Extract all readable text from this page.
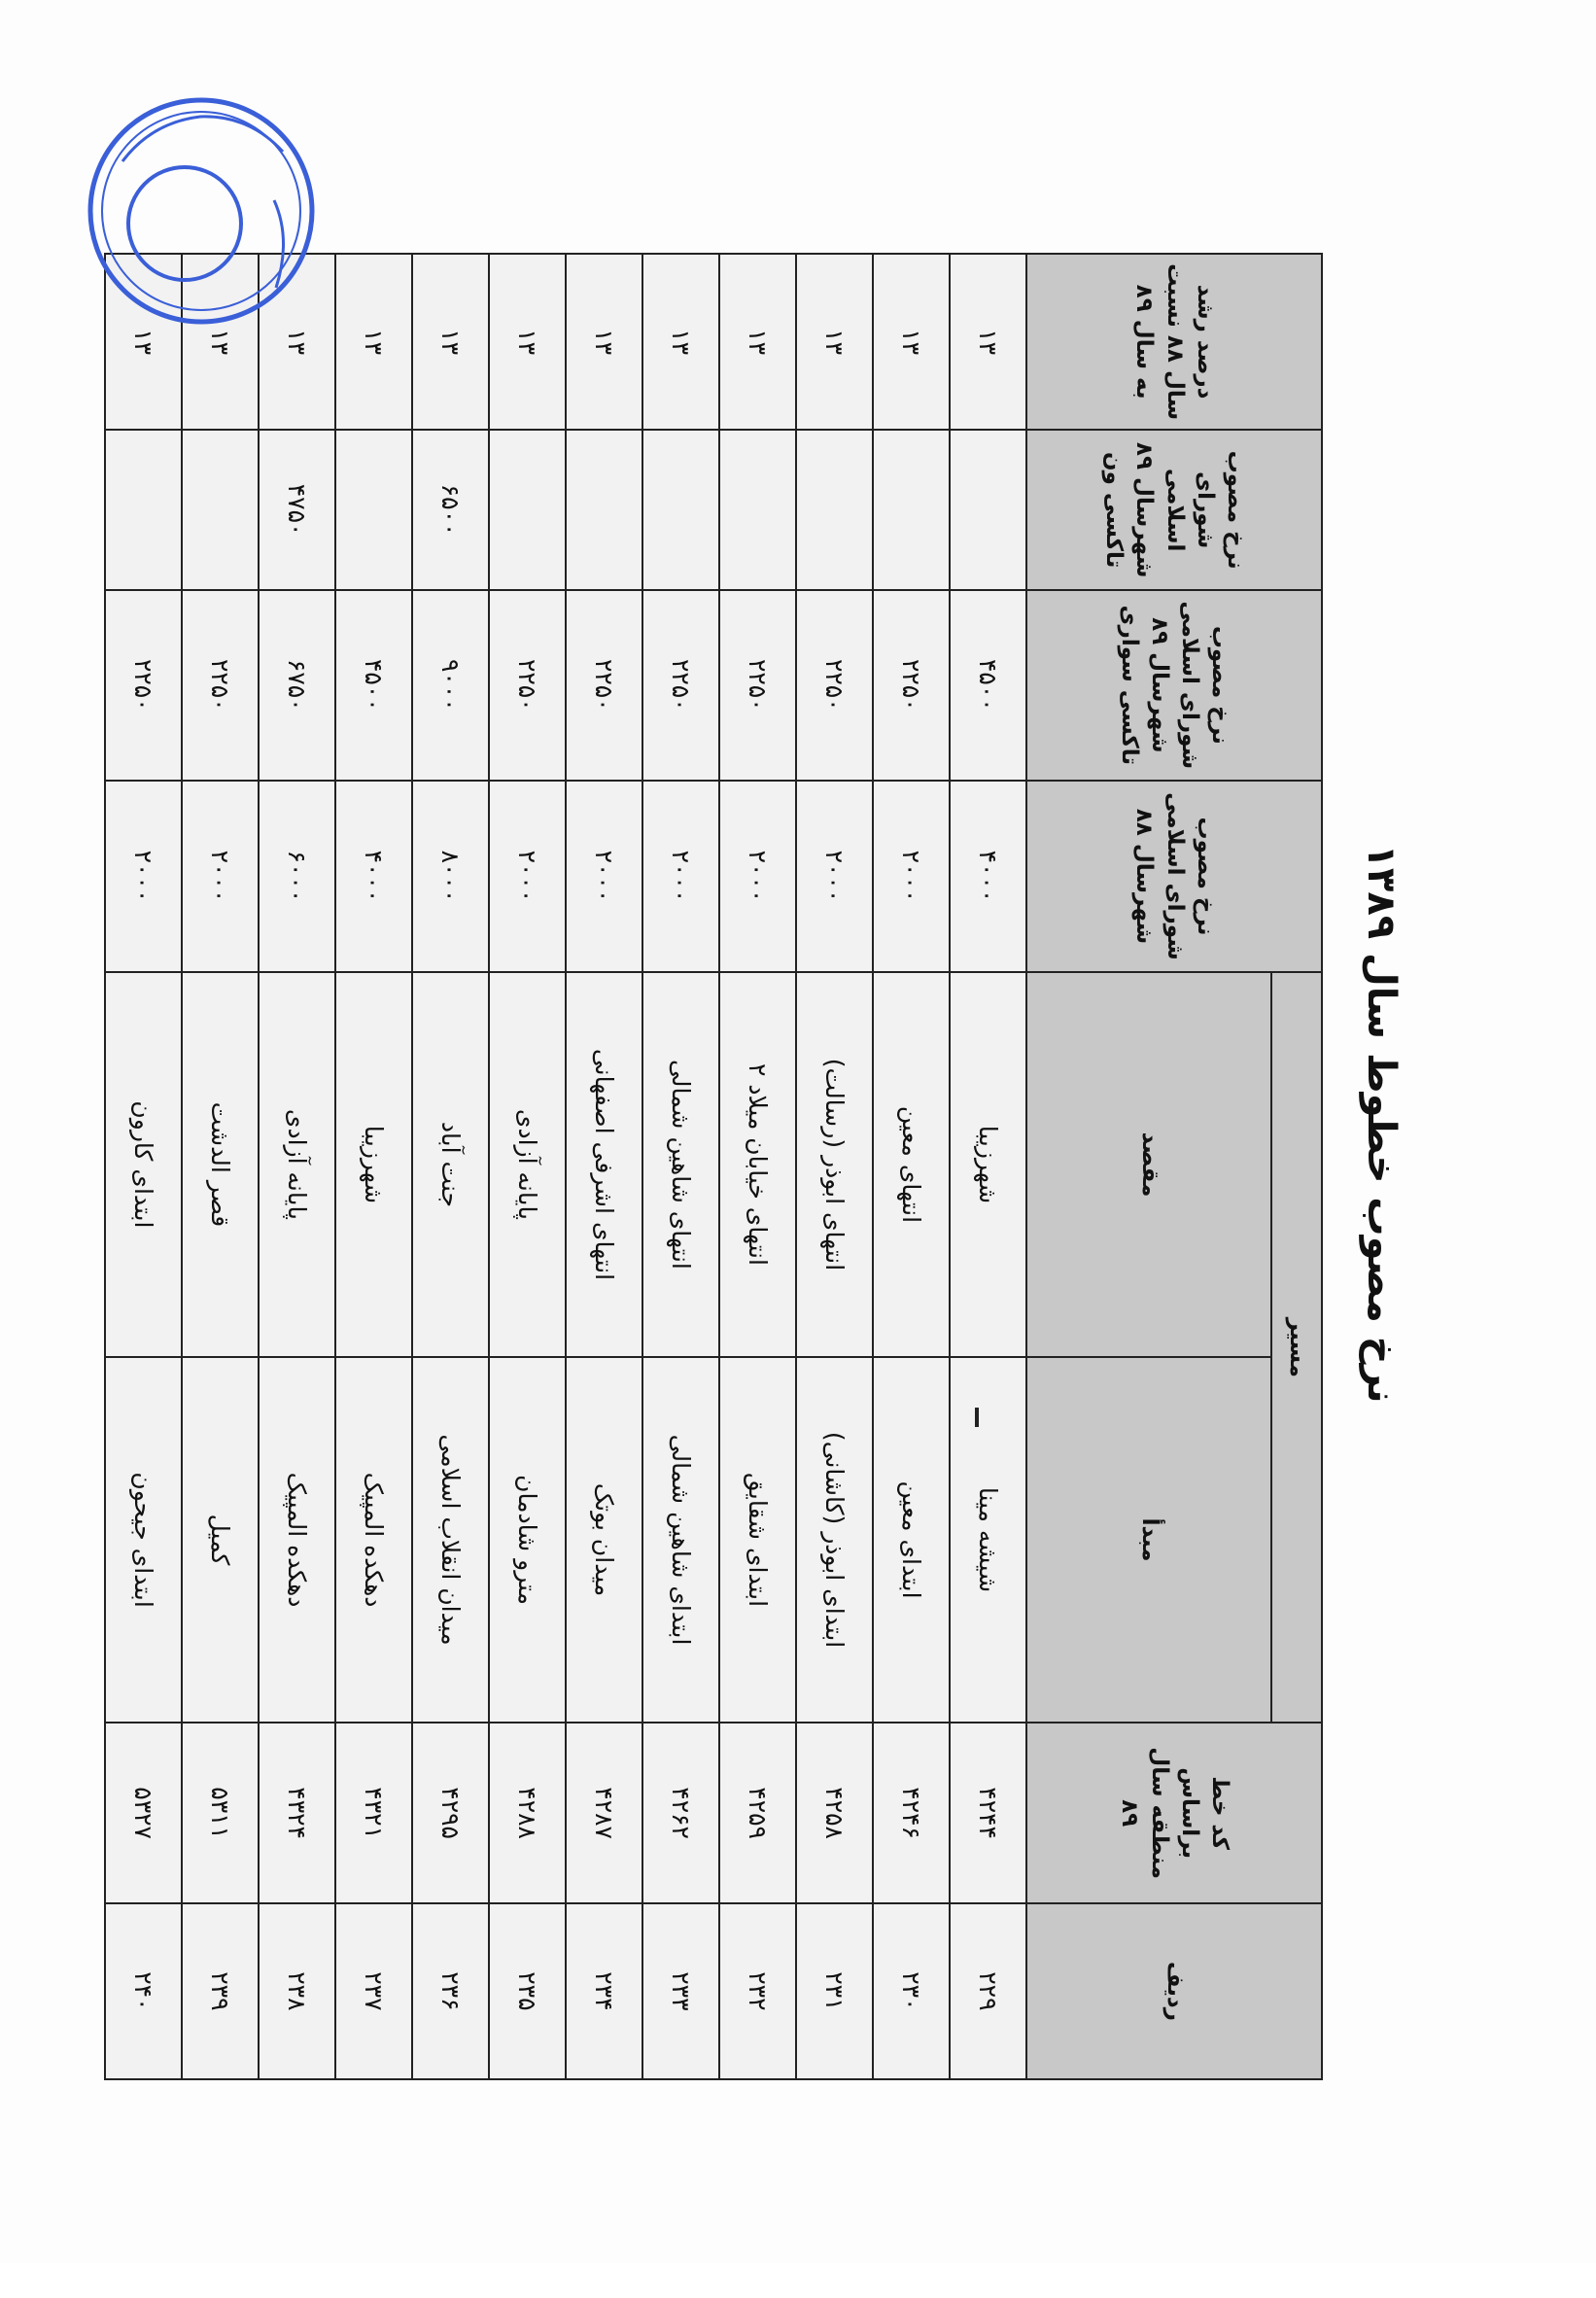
نرخ مصوب خطوط سال ۱۳۸۹
ردیف	کد خط براساس منطقه سال ۸۹	مسیر		نرخ مصوب شورای اسلامی شهرسال ۸۸	نرخ مصوب شورای اسلامی شهرسال ۸۹ تاکسی سواری	نرخ مصوب شورای اسلامی شهرسال ۸۹ تاکسی ون	درصد رشد سال ۸۸ نسبت به سال ۸۹
		مبدأ	مقصد				
۲۲۹	۴۲۴۴	شیشه مینا	شهرزیبا	۴۰۰۰	۴۵۰۰		۱۳
۲۳۰	۴۲۴۶	ابتدای معین	انتهای معین	۲۰۰۰	۲۲۵۰		۱۳
۲۳۱	۴۲۵۸	ابتدای ابوذر (کاشانی)	انتهای ابوذر (رسالت)	۲۰۰۰	۲۲۵۰		۱۳
۲۳۲	۴۲۵۹	ابتدای شقایق	انتهای خیابان میلاد ۲	۲۰۰۰	۲۲۵۰		۱۳
۲۳۳	۴۲۶۲	ابتدای شاهین شمالی	انتهای شاهین شمالی	۲۰۰۰	۲۲۵۰		۱۳
۲۳۴	۴۲۸۷	میدان بوتک	انتهای اشرفی اصفهانی	۲۰۰۰	۲۲۵۰		۱۳
۲۳۵	۴۲۸۸	مترو شادمان	پایانه آزادی	۲۰۰۰	۲۲۵۰		۱۳
۲۳۶	۴۲۹۵	میدان انقلاب اسلامی	جنت آباد	۸۰۰۰	۹۰۰۰	۶۵۰۰	۱۳
۲۳۷	۴۳۲۱	دهکده المپیک	شهرزیبا	۴۰۰۰	۴۵۰۰		۱۳
۲۳۸	۴۳۲۴	دهکده المپیک	پایانه آزادی	۶۰۰۰	۶۷۵۰	۴۷۵۰	۱۳
۲۳۹	۵۳۱۱	کمیل	قصر الدشت	۲۰۰۰	۲۲۵۰		۱۳
۲۴۰	۵۳۲۷	ابتدای جیحون	ابتدای کارون	۲۰۰۰	۲۲۵۰		۱۳
